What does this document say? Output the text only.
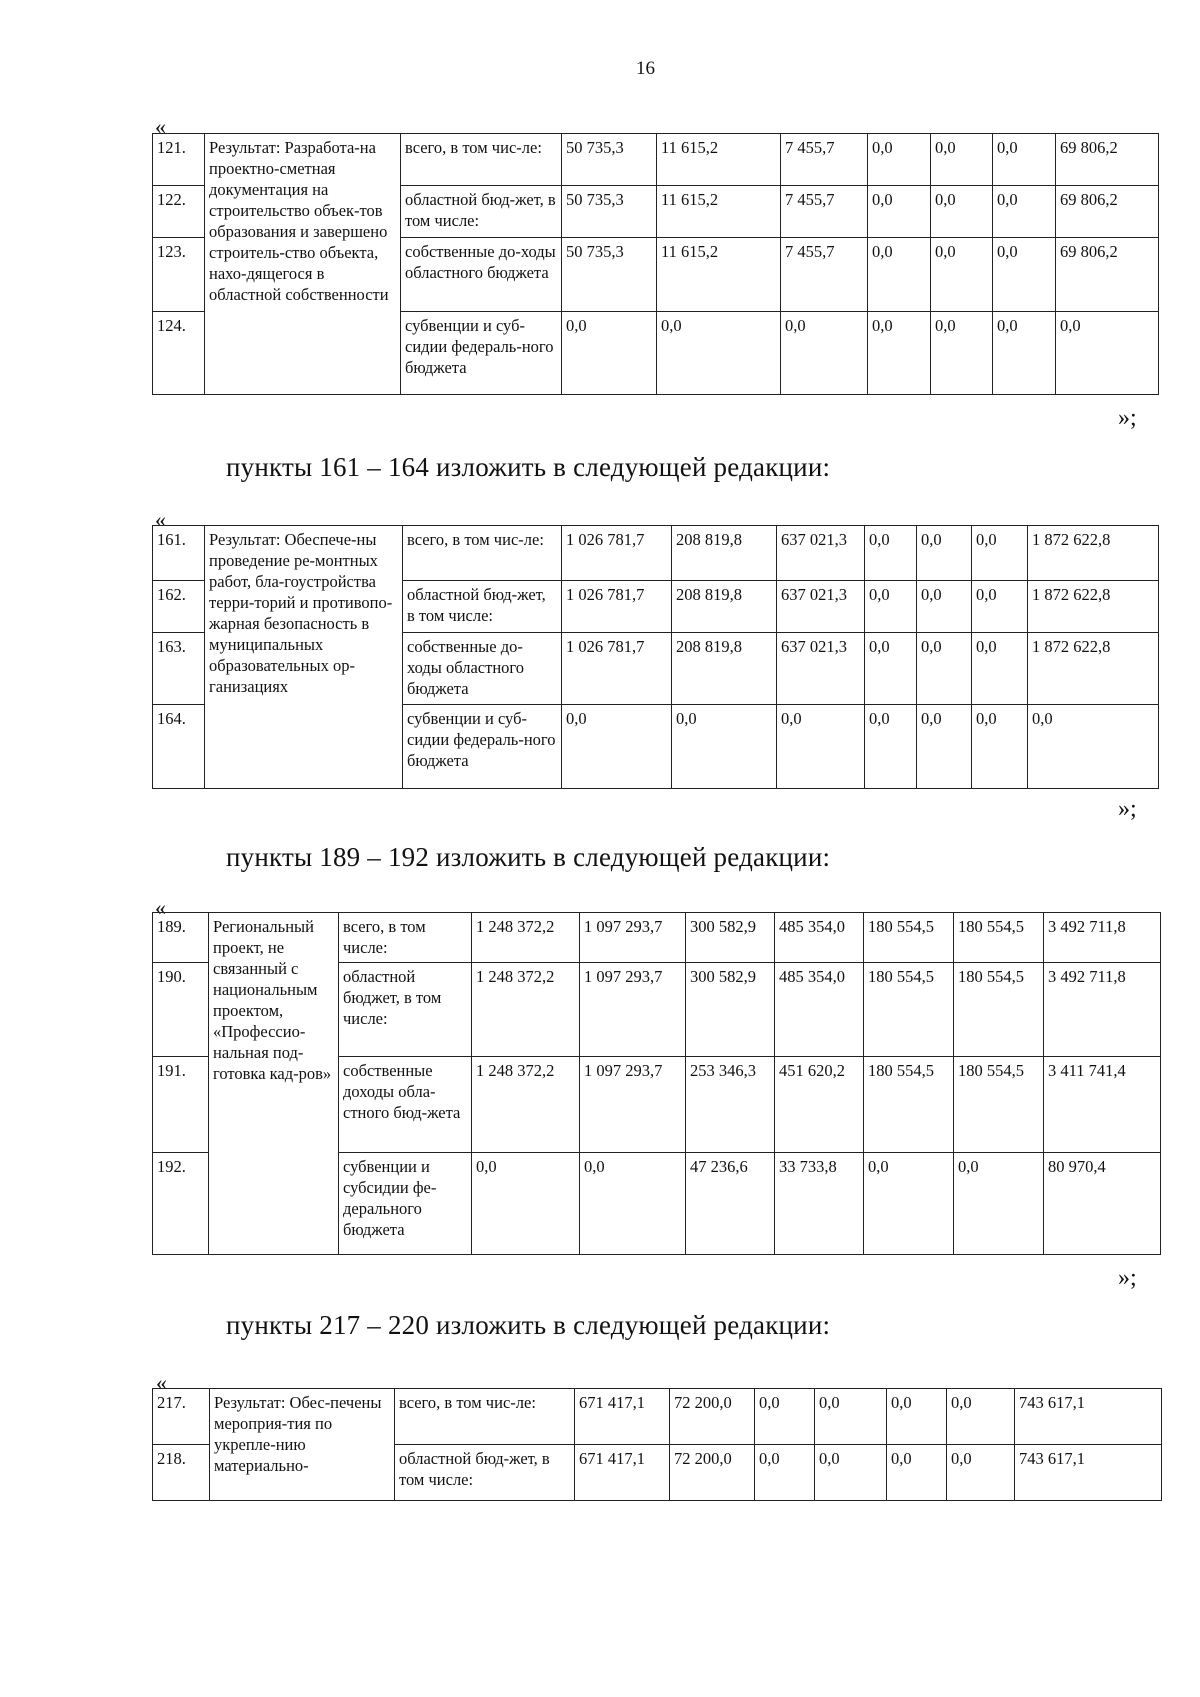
16
«
121.	Результат: Разработа-на проектно-сметная документация на строительство объек-тов образования и завершено строитель-ство объекта, нахо-дящегося в областной собственности	всего, в том чис-ле:	50 735,3	11 615,2	7 455,7	0,0	0,0	0,0	69 806,2
122.		областной бюд-жет, в том числе:	50 735,3	11 615,2	7 455,7	0,0	0,0	0,0	69 806,2
123.		собственные до-ходы областного бюджета	50 735,3	11 615,2	7 455,7	0,0	0,0	0,0	69 806,2
124.		субвенции и суб-сидии федераль-ного бюджета	0,0	0,0	0,0	0,0	0,0	0,0	0,0
»;
пункты 161 – 164 изложить в следующей редакции:
«
161.	Результат: Обеспече-ны проведение ре-монтных работ, бла-гоустройства терри-торий и противопо-жарная безопасность в муниципальных образовательных ор-ганизациях	всего, в том чис-ле:	1 026 781,7	208 819,8	637 021,3	0,0	0,0	0,0	1 872 622,8
162.		областной бюд-жет, в том числе:	1 026 781,7	208 819,8	637 021,3	0,0	0,0	0,0	1 872 622,8
163.		собственные до-ходы областного бюджета	1 026 781,7	208 819,8	637 021,3	0,0	0,0	0,0	1 872 622,8
164.		субвенции и суб-сидии федераль-ного бюджета	0,0	0,0	0,0	0,0	0,0	0,0	0,0
»;
пункты 189 – 192 изложить в следующей редакции:
«
189.	Региональный проект, не связанный с национальным проектом, «Профессио-нальная под-готовка кад-ров»	всего, в том числе:	1 248 372,2	1 097 293,7	300 582,9	485 354,0	180 554,5	180 554,5	3 492 711,8
190.		областной бюджет, в том числе:	1 248 372,2	1 097 293,7	300 582,9	485 354,0	180 554,5	180 554,5	3 492 711,8
191.		собственные доходы обла-стного бюд-жета	1 248 372,2	1 097 293,7	253 346,3	451 620,2	180 554,5	180 554,5	3 411 741,4
192.		субвенции и субсидии фе-дерального бюджета	0,0	0,0	47 236,6	33 733,8	0,0	0,0	80 970,4
»;
пункты 217 – 220 изложить в следующей редакции:
«
217.	Результат: Обес-печены мероприя-тия по укрепле-нию материально-	всего, в том чис-ле:	671 417,1	72 200,0	0,0	0,0	0,0	0,0	743 617,1
218.		областной бюд-жет, в том числе:	671 417,1	72 200,0	0,0	0,0	0,0	0,0	743 617,1
